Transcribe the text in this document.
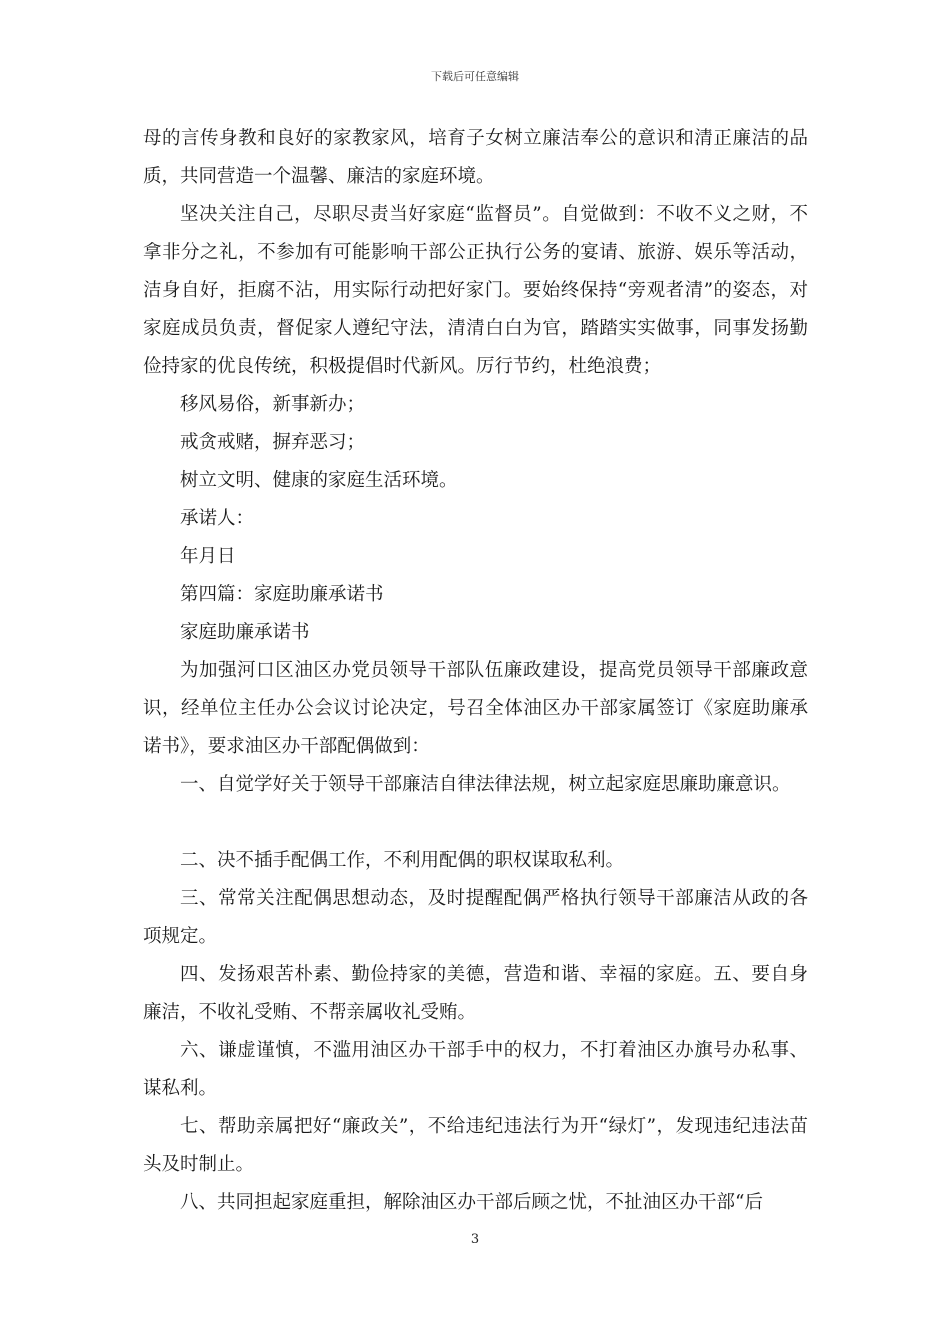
下载后可任意编辑

母的言传身教和良好的家教家风，培育子女树立廉洁奉公的意识和清正廉洁的品质，共同营造一个温馨、廉洁的家庭环境。

坚决关注自己，尽职尽责当好家庭“监督员”。自觉做到：不收不义之财，不拿非分之礼，不参加有可能影响干部公正执行公务的宴请、旅游、娱乐等活动，洁身自好，拒腐不沾，用实际行动把好家门。要始终保持“旁观者清”的姿态，对家庭成员负责，督促家人遵纪守法，清清白白为官，踏踏实实做事，同事发扬勤俭持家的优良传统，积极提倡时代新风。厉行节约，杜绝浪费；

移风易俗，新事新办；

戒贪戒赌，摒弃恶习；

树立文明、健康的家庭生活环境。

承诺人：

年月日

第四篇：家庭助廉承诺书

家庭助廉承诺书

为加强河口区油区办党员领导干部队伍廉政建设，提高党员领导干部廉政意识，经单位主任办公会议讨论决定，号召全体油区办干部家属签订《家庭助廉承诺书》，要求油区办干部配偶做到：

一、自觉学好关于领导干部廉洁自律法律法规，树立起家庭思廉助廉意识。

二、决不插手配偶工作，不利用配偶的职权谋取私利。

三、常常关注配偶思想动态，及时提醒配偶严格执行领导干部廉洁从政的各项规定。

四、发扬艰苦朴素、勤俭持家的美德，营造和谐、幸福的家庭。五、要自身廉洁，不收礼受贿、不帮亲属收礼受贿。

六、谦虚谨慎，不滥用油区办干部手中的权力，不打着油区办旗号办私事、谋私利。

七、帮助亲属把好“廉政关”，不给违纪违法行为开“绿灯”，发现违纪违法苗头及时制止。

八、共同担起家庭重担，解除油区办干部后顾之忧，不扯油区办干部“后

3
